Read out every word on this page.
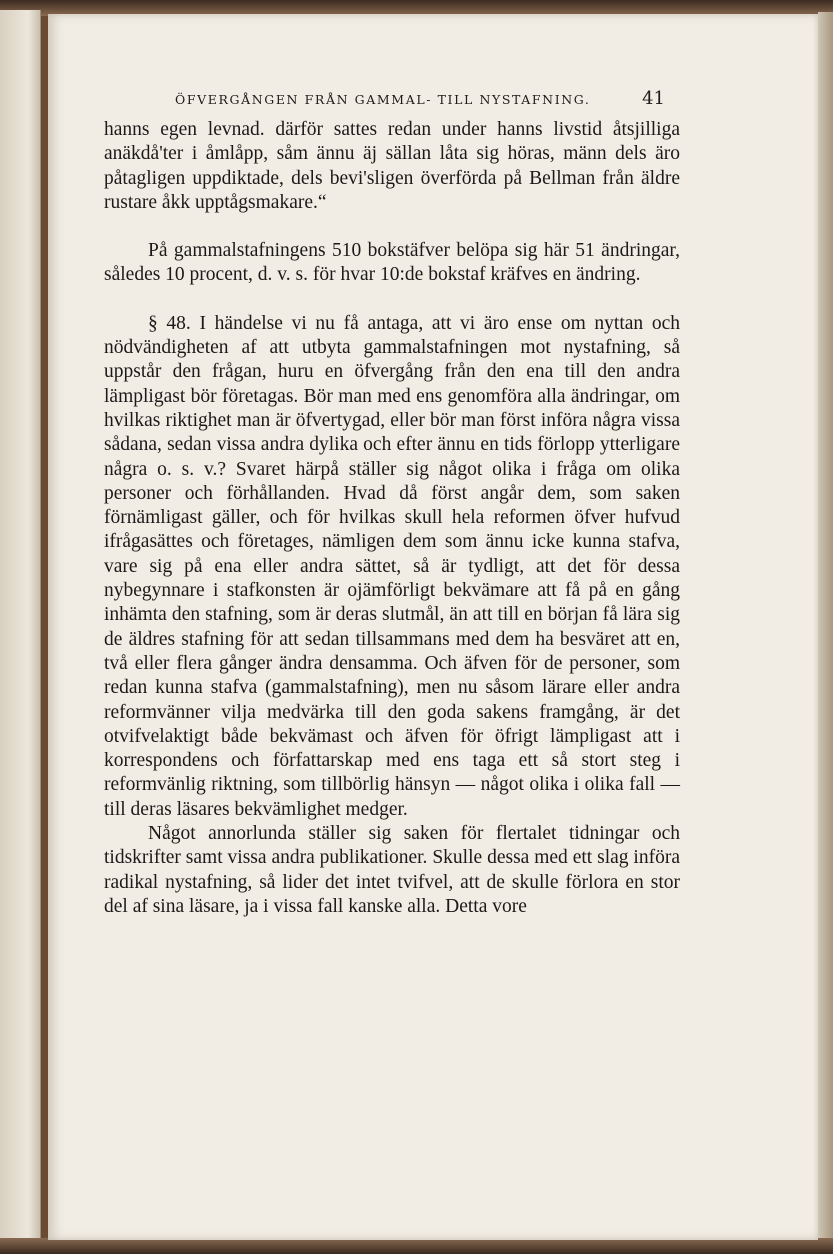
ÖFVERGÅNGEN FRÅN GAMMAL- TILL NYSTAFNING.	41

hanns egen levnad. därför sattes redan under hanns livstid åtsjilliga anäkdå'ter i åmlåpp, såm ännu äj sällan låta sig höras, männ dels äro påtagligen uppdiktade, dels bevi'sligen överförda på Bellman från äldre rustare åkk upptågsmakare.“

På gammalstafningens 510 bokstäfver belöpa sig här 51 ändringar, således 10 procent, d. v. s. för hvar 10:de bokstaf kräfves en ändring.

§ 48. I händelse vi nu få antaga, att vi äro ense om nyttan och nödvändigheten af att utbyta gammalstafningen mot nystafning, så uppstår den frågan, huru en öfvergång från den ena till den andra lämpligast bör företagas. Bör man med ens genomföra alla ändringar, om hvilkas riktighet man är öfvertygad, eller bör man först införa några vissa sådana, sedan vissa andra dylika och efter ännu en tids förlopp ytterligare några o. s. v.? Svaret härpå ställer sig något olika i fråga om olika personer och förhållanden. Hvad då först angår dem, som saken förnämligast gäller, och för hvilkas skull hela reformen öfver hufvud ifrågasättes och företages, nämligen dem som ännu icke kunna stafva, vare sig på ena eller andra sättet, så är tydligt, att det för dessa nybegynnare i stafkonsten är ojämförligt bekvämare att få på en gång inhämta den stafning, som är deras slutmål, än att till en början få lära sig de äldres stafning för att sedan tillsammans med dem ha besväret att en, två eller flera gånger ändra densamma. Och äfven för de personer, som redan kunna stafva (gammalstafning), men nu såsom lärare eller andra reformvänner vilja medvärka till den goda sakens framgång, är det otvifvelaktigt både bekvämast och äfven för öfrigt lämpligast att i korrespondens och författarskap med ens taga ett så stort steg i reformvänlig riktning, som tillbörlig hänsyn — något olika i olika fall — till deras läsares bekvämlighet medger.

Något annorlunda ställer sig saken för flertalet tidningar och tidskrifter samt vissa andra publikationer. Skulle dessa med ett slag införa radikal nystafning, så lider det intet tvifvel, att de skulle förlora en stor del af sina läsare, ja i vissa fall kanske alla. Detta vore
